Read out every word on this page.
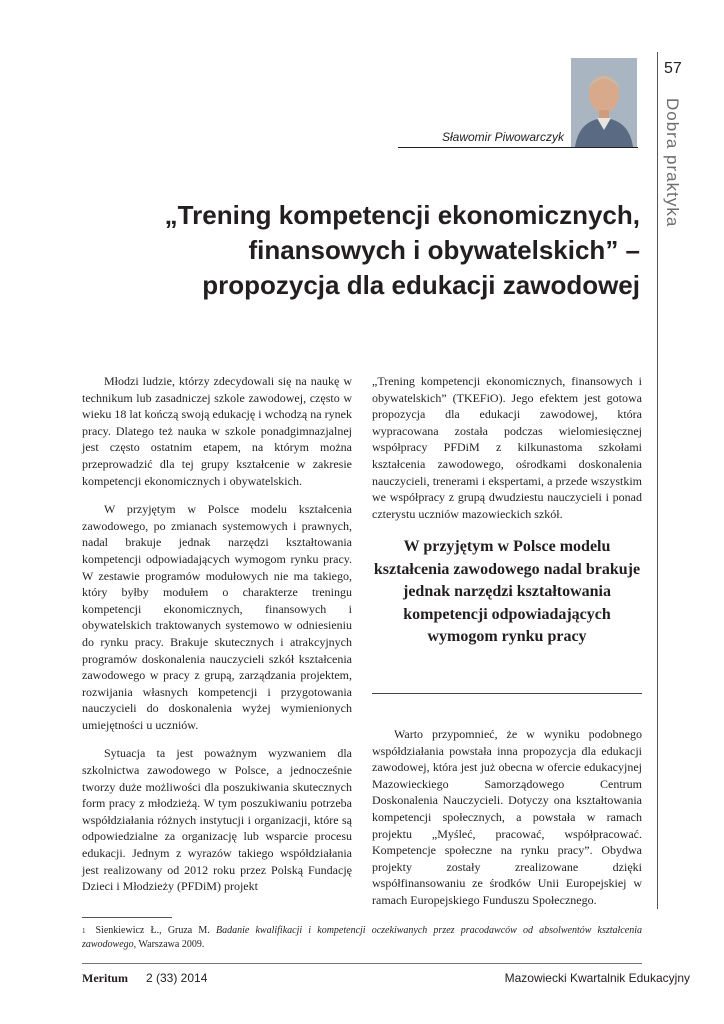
57
Dobra praktyka
Sławomir Piwowarczyk
„Trening kompetencji ekonomicznych,
finansowych i obywatelskich” –
propozycja dla edukacji zawodowej

Młodzi ludzie, którzy zdecydowali się na naukę w technikum lub zasadniczej szkole zawodowej, często w wieku 18 lat kończą swoją edukację i wchodzą na rynek pracy. Dlatego też nauka w szkole ponadgimnazjalnej jest często ostatnim etapem, na którym można przeprowadzić dla tej grupy kształcenie w zakresie kompetencji ekonomicznych i obywatelskich.

W przyjętym w Polsce modelu kształcenia zawodowego, po zmianach systemowych i prawnych, nadal brakuje jednak narzędzi kształtowania kompetencji odpowiadających wymogom rynku pracy. W zestawie programów modułowych nie ma takiego, który byłby modułem o charakterze treningu kompetencji ekonomicznych, finansowych i obywatelskich traktowanych systemowo w odniesieniu do rynku pracy. Brakuje skutecznych i atrakcyjnych programów doskonalenia nauczycieli szkół kształcenia zawodowego w pracy z grupą, zarządzania projektem, rozwijania własnych kompetencji i przygotowania nauczycieli do doskonalenia wyżej wymienionych umiejętności u uczniów.

Sytuacja ta jest poważnym wyzwaniem dla szkolnictwa zawodowego w Polsce, a jednocześnie tworzy duże możliwości dla poszukiwania skutecznych form pracy z młodzieżą. W tym poszukiwaniu potrzeba współdziałania różnych instytucji i organizacji, które są odpowiedzialne za organizację lub wsparcie procesu edukacji. Jednym z wyrazów takiego współdziałania jest realizowany od 2012 roku przez Polską Fundację Dzieci i Młodzieży (PFDiM) projekt

„Trening kompetencji ekonomicznych, finansowych i obywatelskich” (TKEFiO). Jego efektem jest gotowa propozycja dla edukacji zawodowej, która wypracowana została podczas wielomiesięcznej współpracy PFDiM z kilkunastoma szkołami kształcenia zawodowego, ośrodkami doskonalenia nauczycieli, trenerami i ekspertami, a przede wszystkim we współpracy z grupą dwudziestu nauczycieli i ponad czterystu uczniów mazowieckich szkół.

W przyjętym w Polsce modelu kształcenia zawodowego nadal brakuje jednak narzędzi kształtowania kompetencji odpowiadających wymogom rynku pracy

Warto przypomnieć, że w wyniku podobnego współdziałania powstała inna propozycja dla edukacji zawodowej, która jest już obecna w ofercie edukacyjnej Mazowieckiego Samorządowego Centrum Doskonalenia Nauczycieli. Dotyczy ona kształtowania kompetencji społecznych, a powstała w ramach projektu „Myśleć, pracować, współpracować. Kompetencje społeczne na rynku pracy”. Obydwa projekty zostały zrealizowane dzięki współfinansowaniu ze środków Unii Europejskiej w ramach Europejskiego Funduszu Społecznego.

$^1$ Sienkiewicz Ł., Gruza M. Badanie kwalifikacji i kompetencji oczekiwanych przez pracodawców od absolwentów kształcenia zawodowego, Warszawa 2009.
Meritum 2 (33) 2014	Mazowiecki Kwartalnik Edukacyjny
